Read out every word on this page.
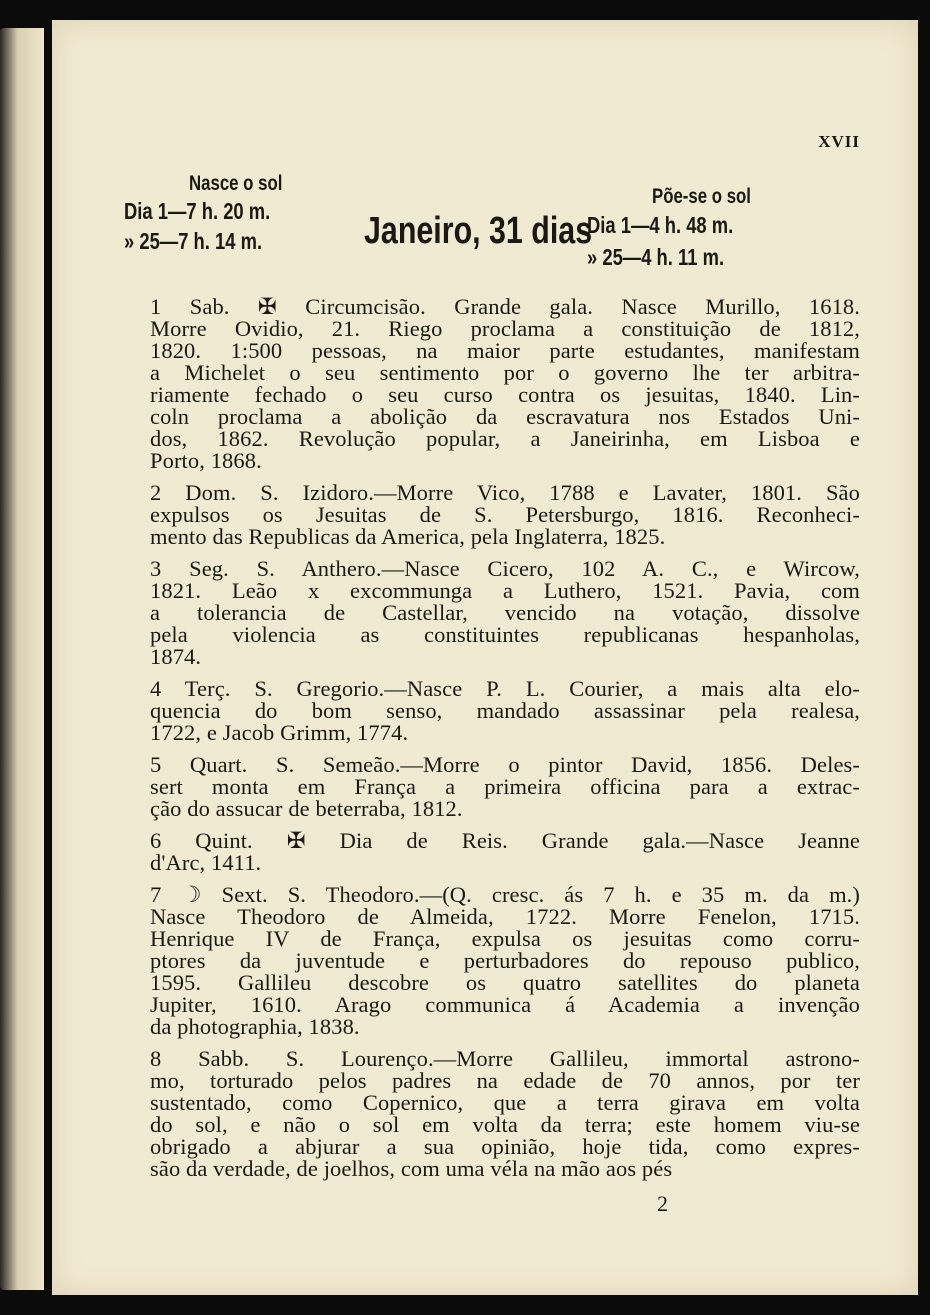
XVII
Nasce o sol
Dia 1—7 h. 20 m.
» 25—7 h. 14 m.	Janeiro, 31 dias
Põe-se o sol
Dia 1—4 h. 48 m.
» 25—4 h. 11 m.
1 Sab. ✠ Circumcisão. Grande gala. Nasce Murillo, 1618.
Morre Ovidio, 21. Riego proclama a constituição de 1812,
1820. 1:500 pessoas, na maior parte estudantes, manifestam
a Michelet o seu sentimento por o governo lhe ter arbitra-
riamente fechado o seu curso contra os jesuitas, 1840. Lin-
coln proclama a abolição da escravatura nos Estados Uni-
dos, 1862. Revolução popular, a Janeirinha, em Lisboa e
Porto, 1868.
2 Dom. S. Izidoro.—Morre Vico, 1788 e Lavater, 1801. São
expulsos os Jesuitas de S. Petersburgo, 1816. Reconheci-
mento das Republicas da America, pela Inglaterra, 1825.
3 Seg. S. Anthero.—Nasce Cicero, 102 A. C., e Wircow,
1821. Leão x excommunga a Luthero, 1521. Pavia, com
a tolerancia de Castellar, vencido na votação, dissolve
pela violencia as constituintes republicanas hespanholas,
1874.
4 Terç. S. Gregorio.—Nasce P. L. Courier, a mais alta elo-
quencia do bom senso, mandado assassinar pela realesa,
1722, e Jacob Grimm, 1774.
5 Quart. S. Semeão.—Morre o pintor David, 1856. Deles-
sert monta em França a primeira officina para a extrac-
ção do assucar de beterraba, 1812.
6 Quint. ✠ Dia de Reis. Grande gala.—Nasce Jeanne
d'Arc, 1411.
7 ☽ Sext. S. Theodoro.—(Q. cresc. ás 7 h. e 35 m. da m.)
Nasce Theodoro de Almeida, 1722. Morre Fenelon, 1715.
Henrique IV de França, expulsa os jesuitas como corru-
ptores da juventude e perturbadores do repouso publico,
1595. Gallileu descobre os quatro satellites do planeta
Jupiter, 1610. Arago communica á Academia a invenção
da photographia, 1838.
8 Sabb. S. Lourenço.—Morre Gallileu, immortal astrono-
mo, torturado pelos padres na edade de 70 annos, por ter
sustentado, como Copernico, que a terra girava em volta
do sol, e não o sol em volta da terra; este homem viu-se
obrigado a abjurar a sua opinião, hoje tida, como expres-
são da verdade, de joelhos, com uma véla na mão aos pés
2
